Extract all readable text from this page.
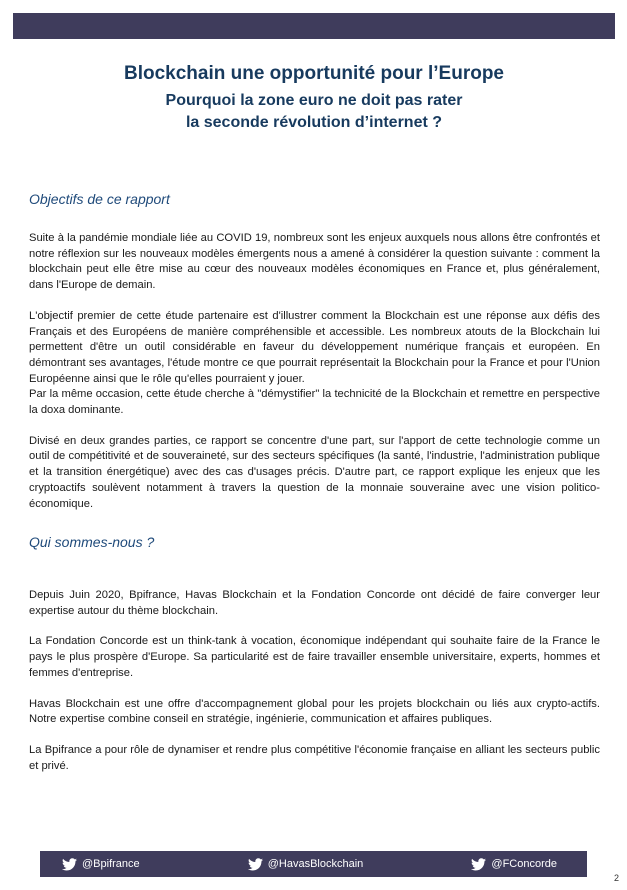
Blockchain une opportunité pour l’Europe
Pourquoi la zone euro ne doit pas rater
la seconde révolution d’internet ?
Objectifs de ce rapport

Suite à la pandémie mondiale liée au COVID 19, nombreux sont les enjeux auxquels nous allons être confrontés et notre réflexion sur les nouveaux modèles émergents nous a amené à considérer la question suivante : comment la blockchain peut elle être mise au cœur des nouveaux modèles économiques en France et, plus généralement, dans l'Europe de demain.

L'objectif premier de cette étude partenaire est d'illustrer comment la Blockchain est une réponse aux défis des Français et des Européens de manière compréhensible et accessible. Les nombreux atouts de la Blockchain lui permettent d'être un outil considérable en faveur du développement numérique français et européen. En démontrant ses avantages, l'étude montre ce que pourrait représentait la Blockchain pour la France et pour l'Union Européenne ainsi que le rôle qu'elles pourraient y jouer.

Par la même occasion, cette étude cherche à "démystifier" la technicité de la Blockchain et remettre en perspective la doxa dominante.

Divisé en deux grandes parties, ce rapport se concentre d'une part, sur l'apport de cette technologie comme un outil de compétitivité et de souveraineté, sur des secteurs spécifiques (la santé, l'industrie, l'administration publique et la transition énergétique) avec des cas d'usages précis. D'autre part, ce rapport explique les enjeux que les cryptoactifs soulèvent notamment à travers la question de la monnaie souveraine avec une vision politico-économique.

Qui sommes-nous ?

Depuis Juin 2020, Bpifrance, Havas Blockchain et la Fondation Concorde ont décidé de faire converger leur expertise autour du thème blockchain.

La Fondation Concorde est un think-tank à vocation, économique indépendant qui souhaite faire de la France le pays le plus prospère d'Europe. Sa particularité est de faire travailler ensemble universitaire, experts, hommes et femmes d'entreprise.

Havas Blockchain est une offre d'accompagnement global pour les projets blockchain ou liés aux crypto-actifs. Notre expertise combine conseil en stratégie, ingénierie, communication et affaires publiques.

La Bpifrance a pour rôle de dynamiser et rendre plus compétitive l'économie française en alliant les secteurs public et privé.

@Bpifrance	@HavasBlockchain	@FConcorde
2
